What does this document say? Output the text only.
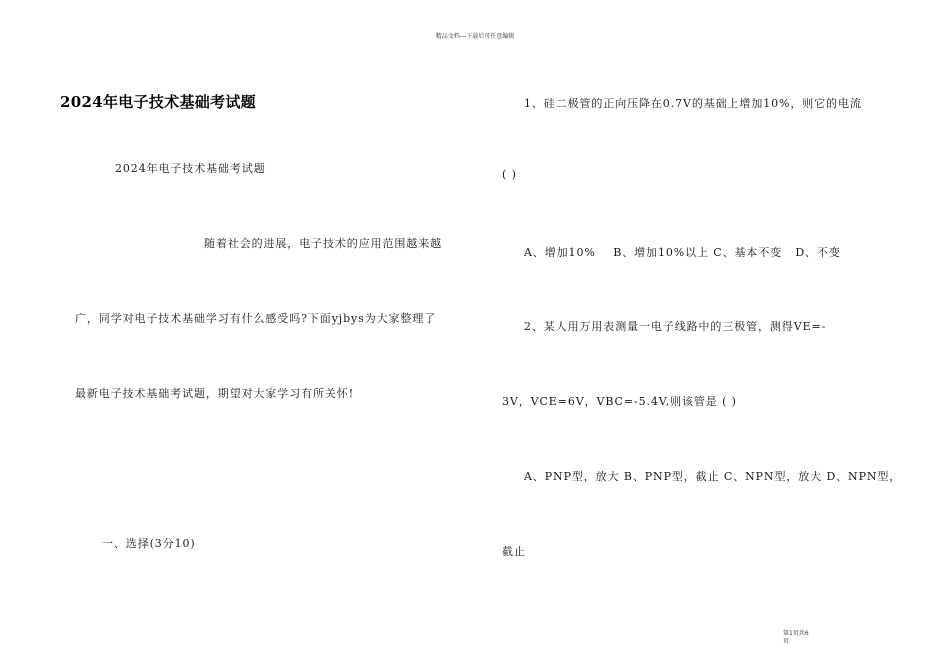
精品文档---下载后可任意编辑
2024年电子技术基础考试题
2024年电子技术基础考试题
随着社会的进展，电子技术的应用范围越来越
广，同学对电子技术基础学习有什么感受吗?下面yjbys为大家整理了
最新电子技术基础考试题，期望对大家学习有所关怀!
一、选择(3分10)
1、硅二极管的正向压降在0.7V的基础上增加10%，则它的电流
( )
A、增加10%    B、增加10%以上 C、基本不变   D、不变
2、某人用万用表测量一电子线路中的三极管，测得VE=-
3V，VCE=6V，VBC=-5.4V,则该管是 ( )
A、PNP型，放大 B、PNP型，截止 C、NPN型，放大 D、NPN型，
截止
第1页共6
页
